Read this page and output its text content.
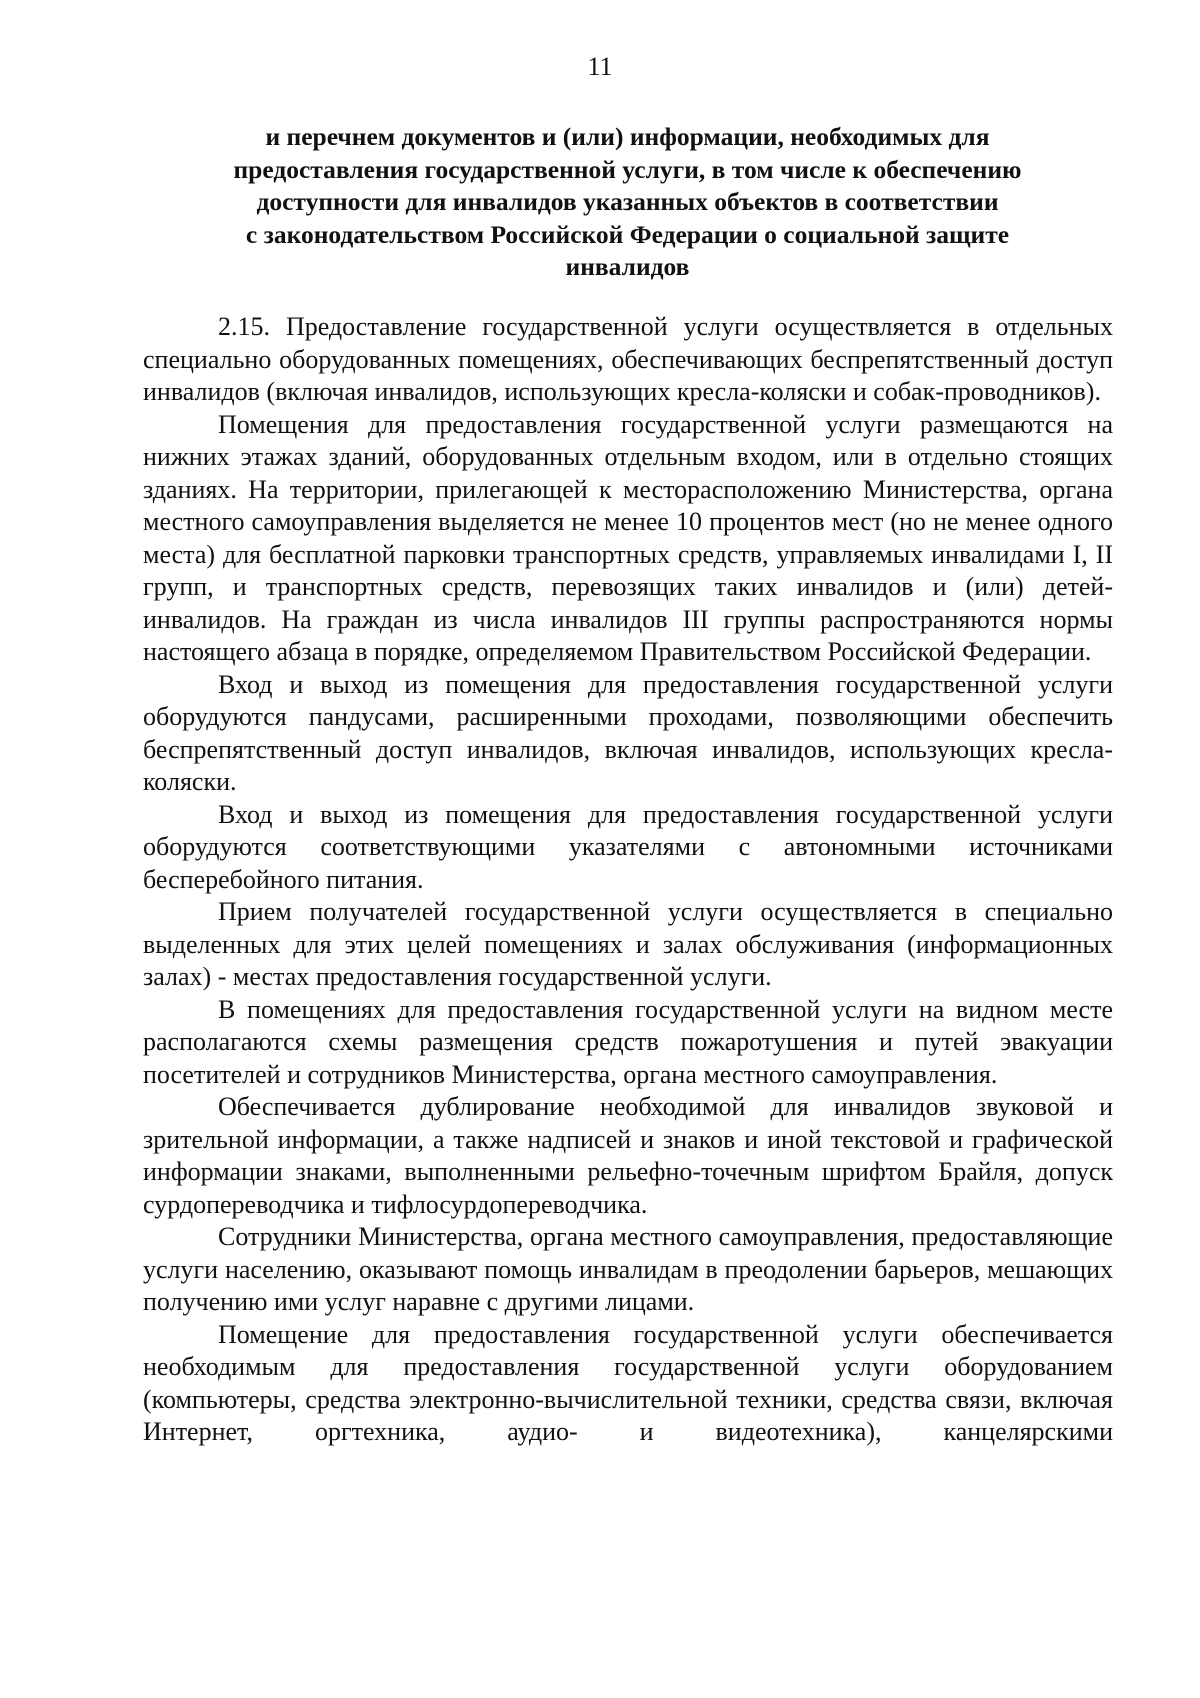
11
и перечнем документов и (или) информации, необходимых для
предоставления государственной услуги, в том числе к обеспечению
доступности для инвалидов указанных объектов в соответствии
с законодательством Российской Федерации о социальной защите
инвалидов

2.15. Предоставление государственной услуги осуществляется в отдельных специально оборудованных помещениях, обеспечивающих беспрепятственный доступ инвалидов (включая инвалидов, использующих кресла-коляски и собак-проводников).

Помещения для предоставления государственной услуги размещаются на нижних этажах зданий, оборудованных отдельным входом, или в отдельно стоящих зданиях. На территории, прилегающей к месторасположению Министерства, органа местного самоуправления выделяется не менее 10 процентов мест (но не менее одного места) для бесплатной парковки транспортных средств, управляемых инвалидами I, II групп, и транспортных средств, перевозящих таких инвалидов и (или) детей-инвалидов. На граждан из числа инвалидов III группы распространяются нормы настоящего абзаца в порядке, определяемом Правительством Российской Федерации.

Вход и выход из помещения для предоставления государственной услуги оборудуются пандусами, расширенными проходами, позволяющими обеспечить беспрепятственный доступ инвалидов, включая инвалидов, использующих кресла-коляски.

Вход и выход из помещения для предоставления государственной услуги оборудуются соответствующими указателями с автономными источниками бесперебойного питания.

Прием получателей государственной услуги осуществляется в специально выделенных для этих целей помещениях и залах обслуживания (информационных залах) - местах предоставления государственной услуги.

В помещениях для предоставления государственной услуги на видном месте располагаются схемы размещения средств пожаротушения и путей эвакуации посетителей и сотрудников Министерства, органа местного самоуправления.

Обеспечивается дублирование необходимой для инвалидов звуковой и зрительной информации, а также надписей и знаков и иной текстовой и графической информации знаками, выполненными рельефно-точечным шрифтом Брайля, допуск сурдопереводчика и тифлосурдопереводчика.

Сотрудники Министерства, органа местного самоуправления, предоставляющие услуги населению, оказывают помощь инвалидам в преодолении барьеров, мешающих получению ими услуг наравне с другими лицами.

Помещение для предоставления государственной услуги обеспечивается необходимым для предоставления государственной услуги оборудованием (компьютеры, средства электронно-вычислительной техники, средства связи, включая Интернет, оргтехника, аудио- и видеотехника), канцелярскими
